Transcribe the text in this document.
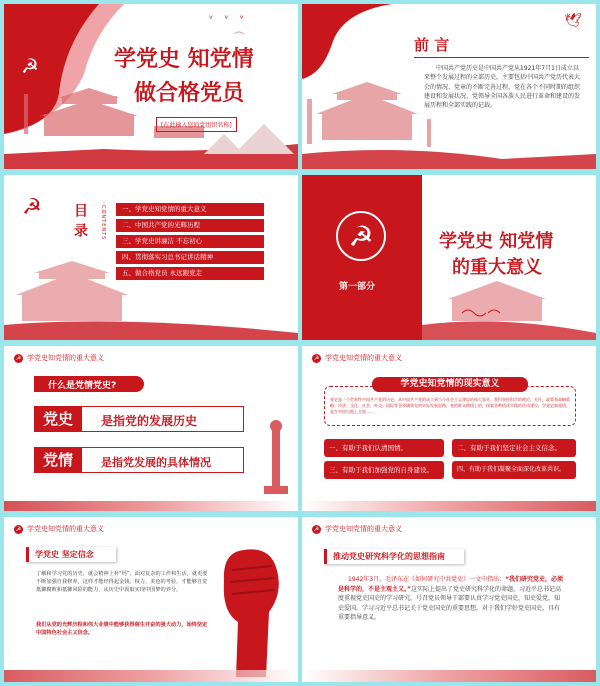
☭
ᵛ ᵛ ᵛ
学党史 知党情
做合格党员
[在此输入您的党组织名称]
前 言
🕊
中国共产党历史是中国共产党从1921年7月1日成立以来整个发展过程的全部历史，主要包括中国共产党历代表大会的情况、党章的不断完善过程、党在各个不同时期的组织建设和发展状况、党领导全国各族人民进行革命和建设的发展历程和全部实践的记载。
☭ 目录	CONTENTS	一、学党史知党情的重大意义
二、中国共产党的光辉历程
三、学党史讲廉洁 不忘初心
四、贯彻落实习总书记讲话精神
五、做合格党员 永远跟党走
☭
第一部分
学党史 知党情
的重大意义
☭ 学党史知党情的重大意义
什么是党情党史?
党史	是指党的发展历史
党情	是指党发展的具体情况
☭ 学党史知党情的重大意义
学党史知党情的现实意义
党史是一个世界性中国共产党的历史，从中国共产党的成立到当今社会主义建设的伟大事业，我们坚持科学的理论、方针，政策和战略策略；经济、文化、社会、外交、国际等各领域领先的实际发展思路，党的群众路线上的，探索各种情况实践的作风建设，学党史知党情，是在中国大地上全面……
一、有助于我们认清国情。	二、有助于我们坚定社会主义信念。
三、有助于我们加强党的自身建设。	四、有助于我们凝聚全面深化改革共识。
☭ 学党史知党情的重大意义
学党史 坚定信念
了解和学习党的历史，就会精神上补“钙”，面对复杂的工作和生活，就更要不断加强自我修养。这样才能经得起金钱、权力、美色的考验，才能够自觉抵御腐败和抵御风险的能力，从历史中汲取实现中国梦的养分。
我们从党的光辉历程和伟大业绩中能够获得催生并奋的强大动力，始终坚定中国特色社会主义信念。
☭ 学党史知党情的重大意义
推动党史研究科学化的思想指南
1942年3月，毛泽东在《如何研究中共党史》一文中指出：“我们研究党史，必须是科学的，不是主观主义。”这实际上提出了党史研究科学化的命题。习近平总书记高度重视党史国史的学习研究，号召党员领导干部要认真学习党史国史，知史爱党，知史爱国。学习习近平总书记关于党史国史的重要思想，对于我们学好党史国史，具有重要指导意义。
